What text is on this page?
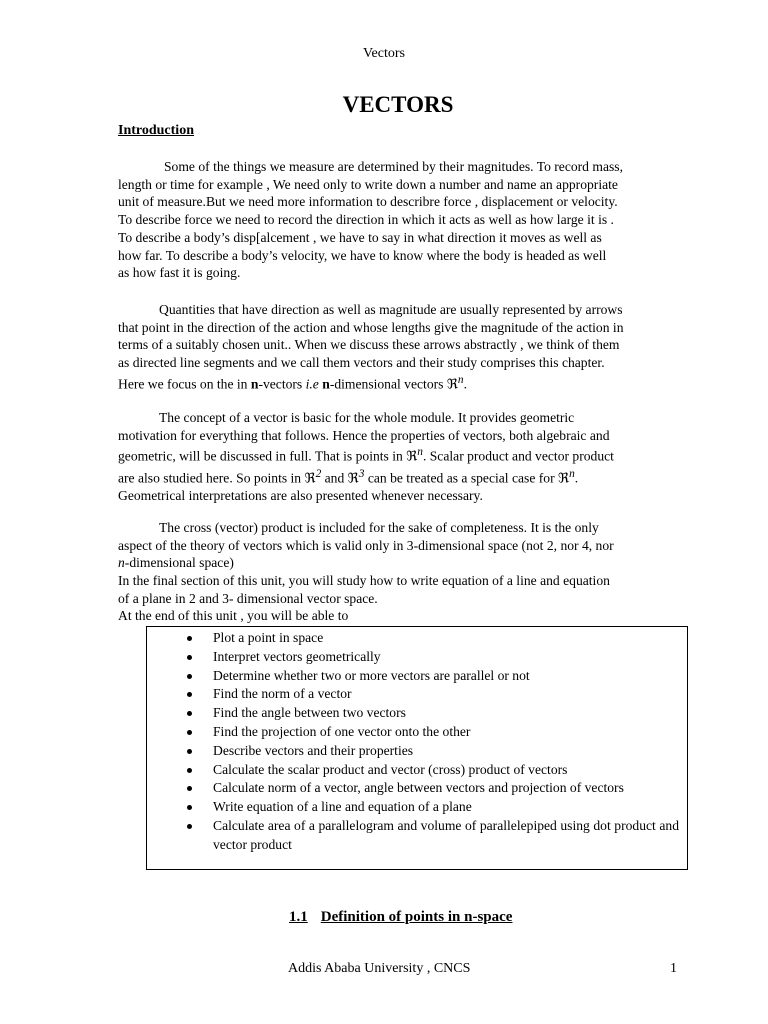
Vectors
VECTORS
Introduction

Some of the things we measure are determined by their magnitudes. To record mass,
length or time for example , We need only to write down a number and name an appropriate
unit of measure.But we need more information to describre force , displacement or velocity.
To describe force we need to record the direction in which it acts as well as how large it is .
To describe a body’s disp[alcement , we have to say in what direction it moves as well as
how far. To describe a body’s velocity, we have to know where the body is headed as well
as how fast it is going.

Quantities that have direction as well as magnitude are usually represented by arrows
that point in the direction of the action and whose lengths give the magnitude of the action in
terms of a suitably chosen unit.. When we discuss these arrows abstractly , we think of them
as directed line segments and we call them vectors and their study comprises this chapter.
Here we focus on the in n-vectors i.e n-dimensional vectors ℜ$^n$.

The concept of a vector is basic for the whole module. It provides geometric
motivation for everything that follows. Hence the properties of vectors, both algebraic and
geometric, will be discussed in full. That is points in ℜ$^n$. Scalar product and vector product
are also studied here. So points in ℜ$^2$ and ℜ$^3$ can be treated as a special case for ℜ$^n$.
Geometrical interpretations are also presented whenever necessary.

The cross (vector) product is included for the sake of completeness. It is the only
aspect of the theory of vectors which is valid only in 3-dimensional space (not 2, nor 4, nor
n-dimensional space)

In the final section of this unit, you will study how to write equation of a line and equation
of a plane in 2 and 3- dimensional vector space.
At the end of this unit , you will be able to

Plot a point in space
Interpret vectors geometrically
Determine whether two or more vectors are parallel or not
Find the norm of a vector
Find the angle between two vectors
Find the projection of one vector onto the other
Describe vectors and their properties
Calculate the scalar product and vector (cross) product of vectors
Calculate norm of a vector, angle between vectors and projection of vectors
Write equation of a line and equation of a plane
Calculate area of a parallelogram and volume of parallelepiped using dot product and vector product
1.1 Definition of points in n-space
Addis Ababa University , CNCS	1
